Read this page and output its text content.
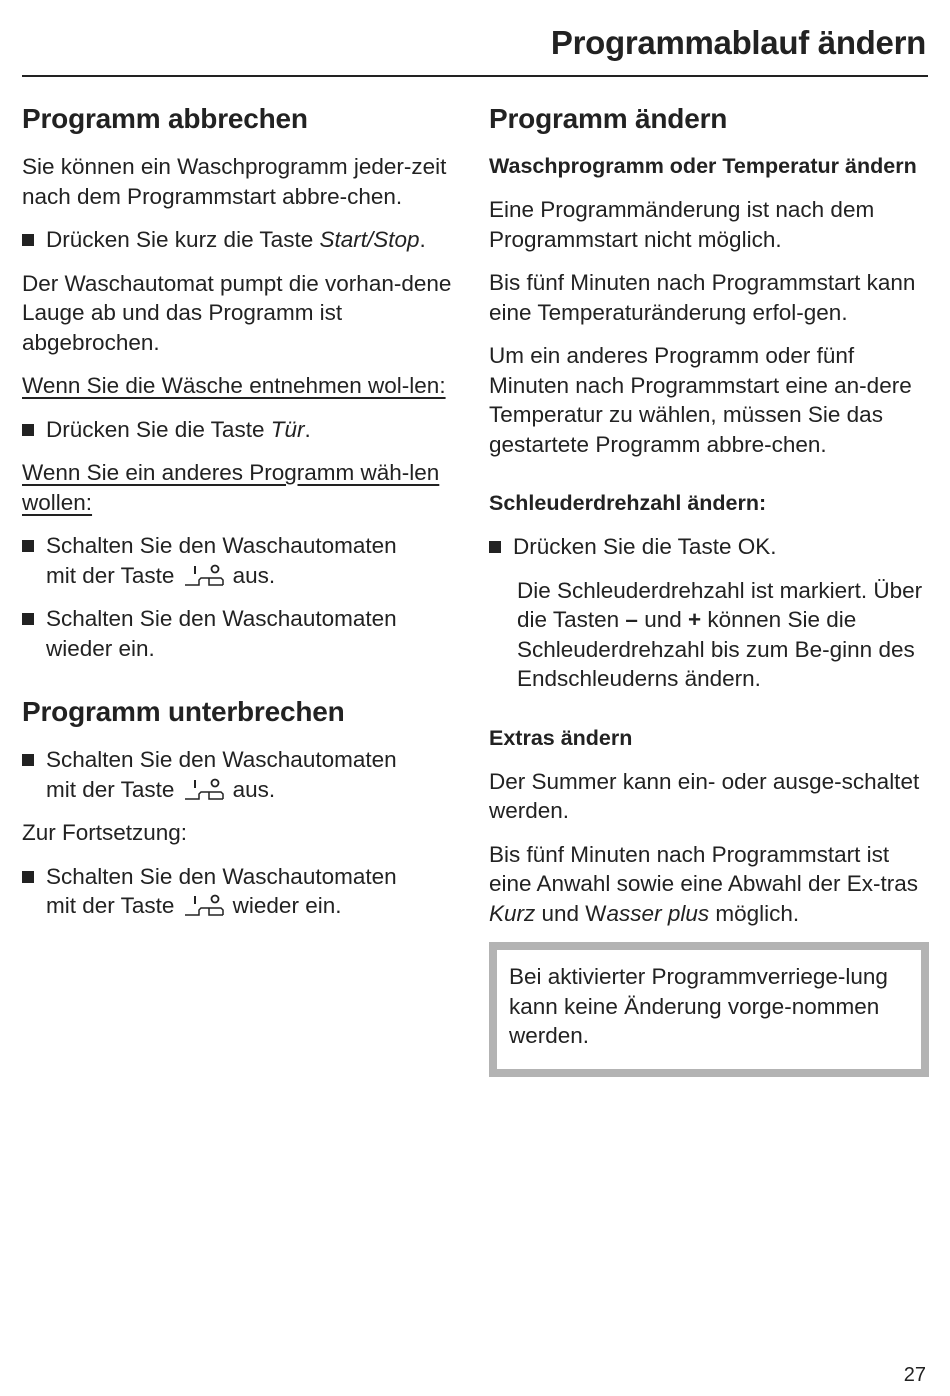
Programmablauf ändern
Programm abbrechen

Sie können ein Waschprogramm jeder-zeit nach dem Programmstart abbre-chen.

Drücken Sie kurz die Taste Start/Stop.

Der Waschautomat pumpt die vorhan-dene Lauge ab und das Programm ist abgebrochen.

Wenn Sie die Wäsche entnehmen wol-len:

Drücken Sie die Taste Tür.

Wenn Sie ein anderes Programm wäh-len wollen:

Schalten Sie den Waschautomaten
mit der Taste	aus.

Schalten Sie den Waschautomaten wieder ein.

Programm unterbrechen

Schalten Sie den Waschautomaten
mit der Taste	aus.

Zur Fortsetzung:

Schalten Sie den Waschautomaten
mit der Taste	wieder ein.

Programm ändern
Waschprogramm oder Temperatur ändern

Eine Programmänderung ist nach dem Programmstart nicht möglich.

Bis fünf Minuten nach Programmstart kann eine Temperaturänderung erfol-gen.

Um ein anderes Programm oder fünf Minuten nach Programmstart eine an-dere Temperatur zu wählen, müssen Sie das gestartete Programm abbre-chen.

Schleuderdrehzahl ändern:

Drücken Sie die Taste OK.

Die Schleuderdrehzahl ist markiert. Über die Tasten – und + können Sie die Schleuderdrehzahl bis zum Be-ginn des Endschleuderns ändern.

Extras ändern

Der Summer kann ein- oder ausge-schaltet werden.

Bis fünf Minuten nach Programmstart ist eine Anwahl sowie eine Abwahl der Ex-tras Kurz und Wasser plus möglich.

Bei aktivierter Programmverriege-lung kann keine Änderung vorge-nommen werden.

27
